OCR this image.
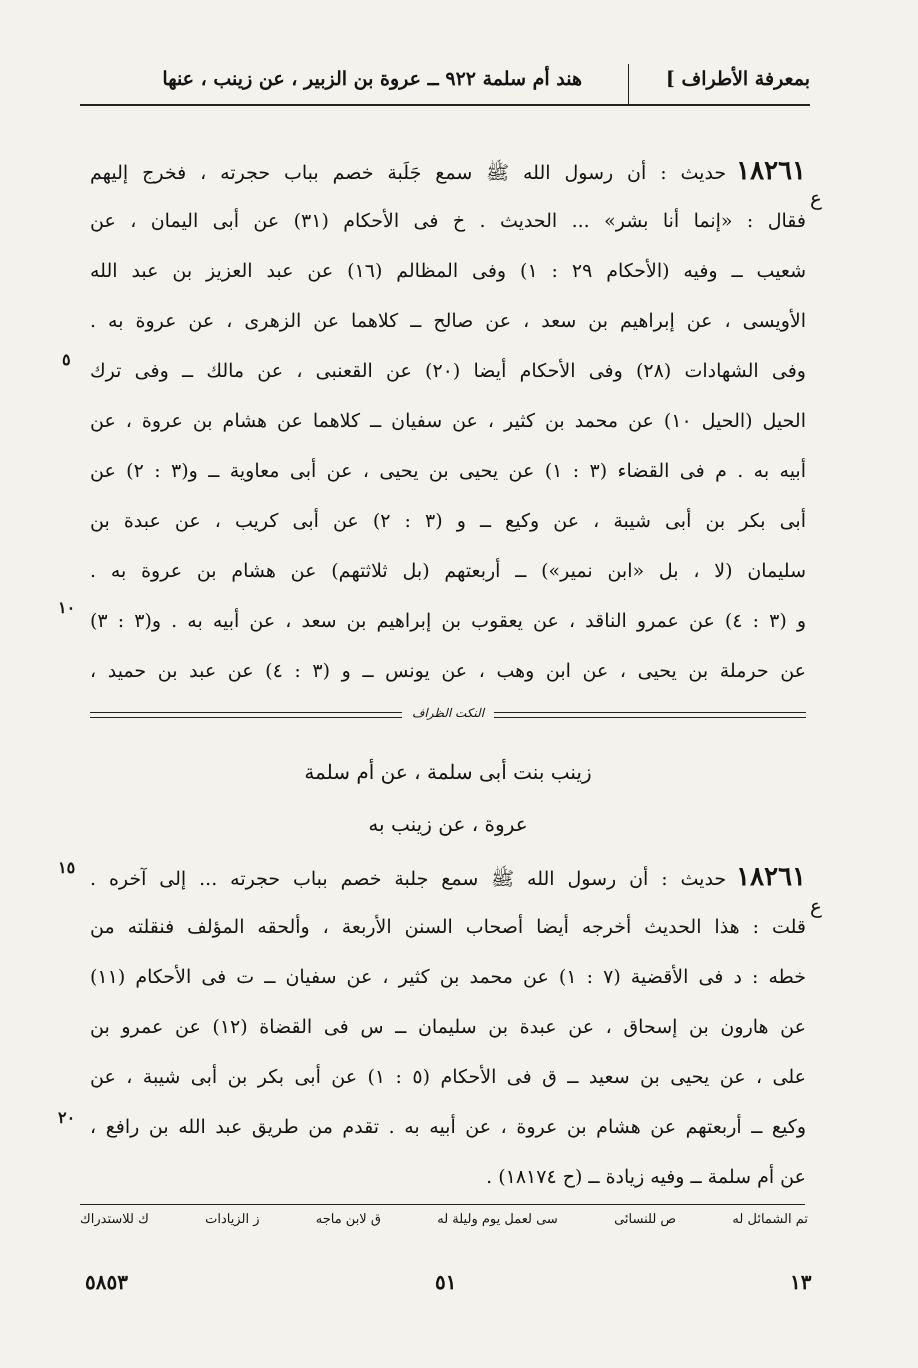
بمعرفة الأطراف ]
هند أم سلمة ٩٢٢ ــ عروة بن الزبير ، عن زينب ، عنها
١٨٢٦١حديث : أن رسول الله ﷺ سمع جَلَبة خصم بباب حجرته ، فخرج إليهم
فقال : «إنما أنا بشر» ... الحديث . خ فى الأحكام (٣١) عن أبى اليمان ، عن
شعيب ــ وفيه (الأحكام ٢٩ : ١) وفى المظالم (١٦) عن عبد العزيز بن عبد الله
الأويسى ، عن إبراهيم بن سعد ، عن صالح ــ كلاهما عن الزهرى ، عن عروة به .
وفى الشهادات (٢٨) وفى الأحكام أيضا (٢٠) عن القعنبى ، عن مالك ــ وفى ترك
الحيل (الحيل ١٠) عن محمد بن كثير ، عن سفيان ــ كلاهما عن هشام بن عروة ، عن
أبيه به . م فى القضاء (٣ : ١) عن يحيى بن يحيى ، عن أبى معاوية ــ و(٣ : ٢) عن
أبى بكر بن أبى شيبة ، عن وكيع ــ و (٣ : ٢) عن أبى كريب ، عن عبدة بن
سليمان (لا ، بل «ابن نمير») ــ أربعتهم (بل ثلاثتهم) عن هشام بن عروة به .
و (٣ : ٤) عن عمرو الناقد ، عن يعقوب بن إبراهيم بن سعد ، عن أبيه به . و(٣ : ٣)
عن حرملة بن يحيى ، عن ابن وهب ، عن يونس ــ و (٣ : ٤) عن عبد بن حميد ،
ع
٥
١٠
النكت الظراف
زينب بنت أبى سلمة ، عن أم سلمة
عروة ، عن زينب به
١٨٢٦١حديث : أن رسول الله ﷺ سمع جلبة خصم بباب حجرته ... إلى آخره .
قلت : هذا الحديث أخرجه أيضا أصحاب السنن الأربعة ، وألحقه المؤلف فنقلته من
خطه : د فى الأقضية (٧ : ١) عن محمد بن كثير ، عن سفيان ــ ت فى الأحكام (١١)
عن هارون بن إسحاق ، عن عبدة بن سليمان ــ س فى القضاة (١٢) عن عمرو بن
على ، عن يحيى بن سعيد ــ ق فى الأحكام (٥ : ١) عن أبى بكر بن أبى شيبة ، عن
وكيع ــ أربعتهم عن هشام بن عروة ، عن أبيه به . تقدم من طريق عبد الله بن رافع ،
عن أم سلمة ــ وفيه زيادة ــ (ح ١٨١٧٤) .
ع
١٥
٢٠
تم الشمائل له
ص للنسائى
سى لعمل يوم وليلة له
ق لابن ماجه
ز الزيادات
ك للاستدراك
١٣
٥١
٥٨٥٣
